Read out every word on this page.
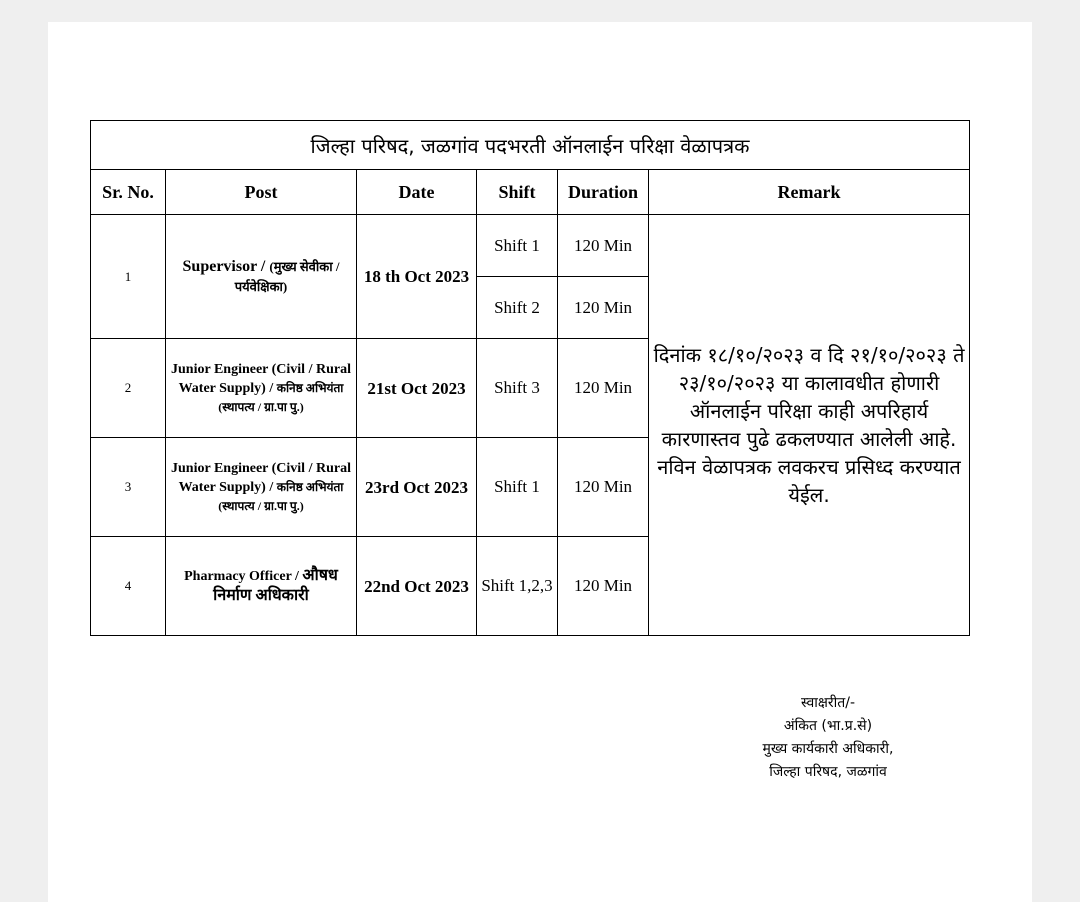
जिल्हा परिषद, जळगांव पदभरती ऑनलाईन परिक्षा वेळापत्रक					
Sr. No.	Post	Date	Shift	Duration	Remark
1	Supervisor / (मुख्य सेवीका / पर्यवेक्षिका)	18 th Oct 2023	Shift 1	120 Min	दिनांक १८/१०/२०२३ व दि २१/१०/२०२३ ते २३/१०/२०२३ या कालावधीत होणारी ऑनलाईन परिक्षा काही अपरिहार्य कारणास्तव पुढे ढकलण्यात आलेली आहे. नविन वेळापत्रक लवकरच प्रसिध्द करण्यात येईल.
			Shift 2	120 Min	
2	Junior Engineer (Civil / Rural Water Supply) / कनिष्ठ अभियंता (स्थापत्य / ग्रा.पा पु.)	21st Oct 2023	Shift 3	120 Min	
3	Junior Engineer (Civil / Rural Water Supply) / कनिष्ठ अभियंता (स्थापत्य / ग्रा.पा पु.)	23rd Oct 2023	Shift 1	120 Min	
4	Pharmacy Officer / औषध निर्माण अधिकारी	22nd Oct 2023	Shift 1,2,3	120 Min	
स्वाक्षरीत/-
अंकित (भा.प्र.से)
मुख्य कार्यकारी अधिकारी,
जिल्हा परिषद, जळगांव
